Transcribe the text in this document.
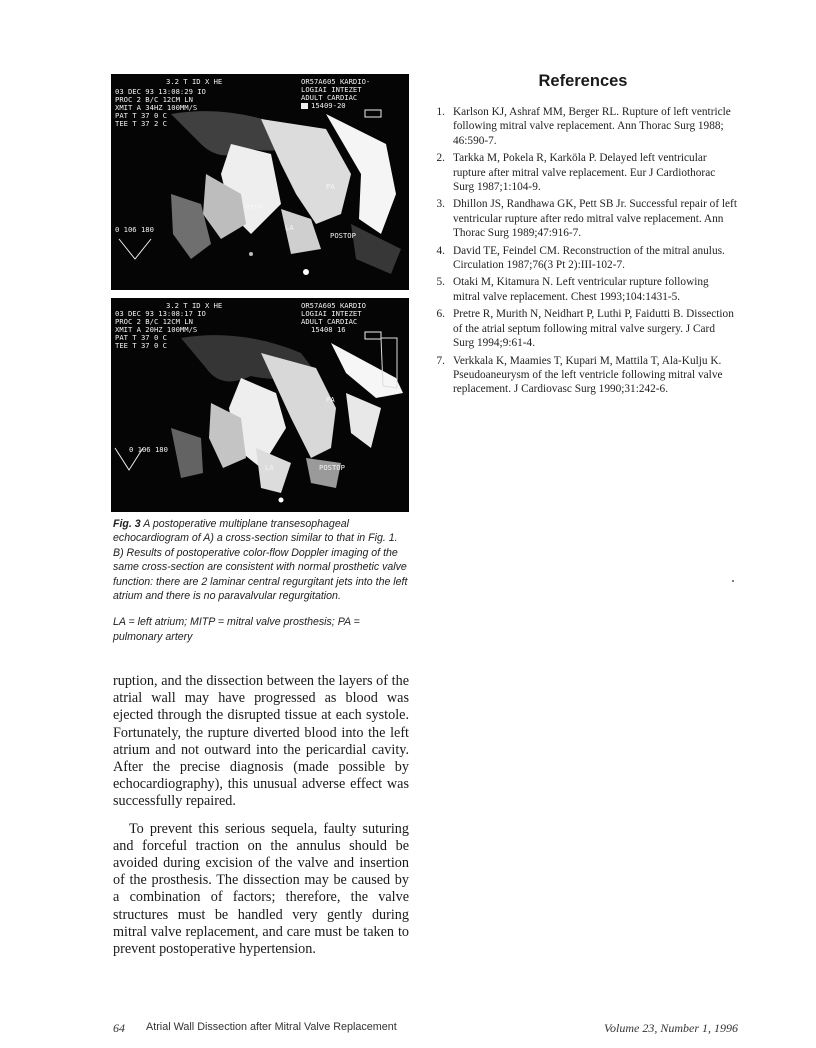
3.2 T ID X HE
03 DEC 93 13:08:29 IO
PROC 2 B/C 12CM LN
XMIT A 34HZ 100MM/S
PAT T 37 0 C
TEE T 37 2 C
OR57A605 KARDIO-
LOGIAI INTEZET
ADULT CARDIAC
15409-20
0 106 180
PA
MITP
LA
POSTOP
3.2 T ID X HE
03 DEC 93 13:08:17 IO
PROC 2 B/C 12CM LN
XMIT A 20HZ 100MM/S
PAT T 37 0 C
TEE T 37 0 C
OR57A605 KARDIO
LOGIAI INTEZET
ADULT CARDIAC
15408 16
0 106 180
PA
LA	POSTOP

Fig. 3 A postoperative multiplane transesophageal echocardiogram of A) a cross-section similar to that in Fig. 1. B) Results of postoperative color-flow Doppler imaging of the same cross-section are consistent with normal prosthetic valve function: there are 2 laminar central regurgitant jets into the left atrium and there is no paravalvular regurgitation.

LA = left atrium; MITP = mitral valve prosthesis; PA = pulmonary artery

ruption, and the dissection between the layers of the atrial wall may have progressed as blood was ejected through the disrupted tissue at each systole. Fortunately, the rupture diverted blood into the left atrium and not outward into the pericardial cavity. After the precise diagnosis (made possible by echocardiography), this unusual adverse effect was successfully repaired.

To prevent this serious sequela, faulty suturing and forceful traction on the annulus should be avoided during excision of the valve and insertion of the prosthesis. The dissection may be caused by a combination of factors; therefore, the valve structures must be handled very gently during mitral valve replacement, and care must be taken to prevent postoperative hypertension.

References
1. Karlson KJ, Ashraf MM, Berger RL. Rupture of left ventricle following mitral valve replacement. Ann Thorac Surg 1988; 46:590-7.
2. Tarkka M, Pokela R, Karköla P. Delayed left ventricular rupture after mitral valve replacement. Eur J Cardiothorac Surg 1987;1:104-9.
3. Dhillon JS, Randhawa GK, Pett SB Jr. Successful repair of left ventricular rupture after redo mitral valve replacement. Ann Thorac Surg 1989;47:916-7.
4. David TE, Feindel CM. Reconstruction of the mitral anulus. Circulation 1987;76(3 Pt 2):III-102-7.
5. Otaki M, Kitamura N. Left ventricular rupture following mitral valve replacement. Chest 1993;104:1431-5.
6. Pretre R, Murith N, Neidhart P, Luthi P, Faidutti B. Dissection of the atrial septum following mitral valve surgery. J Card Surg 1994;9:61-4.
7. Verkkala K, Maamies T, Kupari M, Mattila T, Ala-Kulju K. Pseudoaneurysm of the left ventricle following mitral valve replacement. J Cardiovasc Surg 1990;31:242-6.
64 Atrial Wall Dissection after Mitral Valve Replacement	Volume 23, Number 1, 1996
